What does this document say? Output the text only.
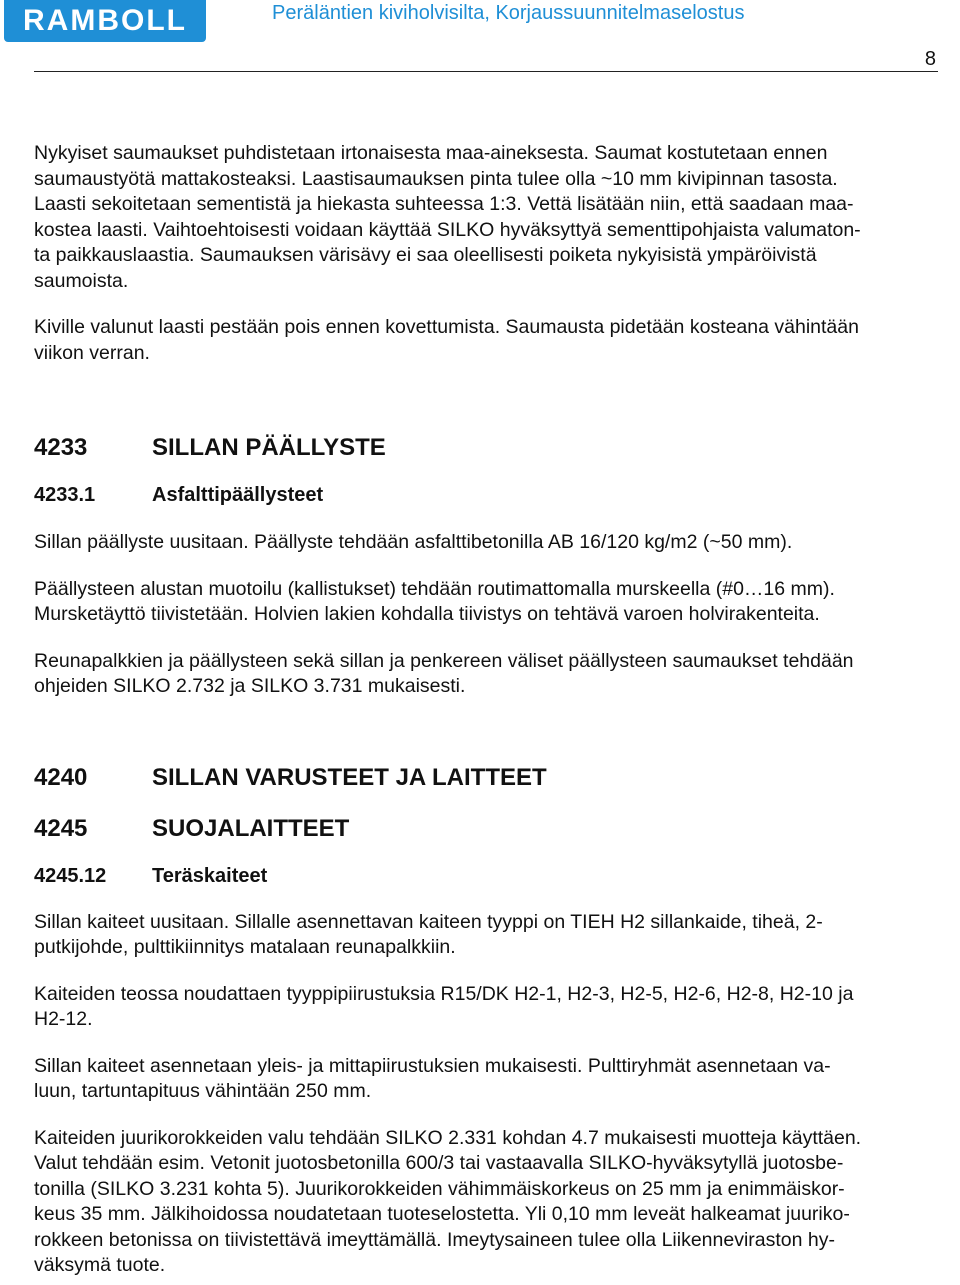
RAMBOLL	Peräläntien kiviholvisilta, Korjaussuunnitelmaselostus
8

Nykyiset saumaukset puhdistetaan irtonaisesta maa-aineksesta. Saumat kostutetaan ennen
saumaustyötä mattakosteaksi. Laastisaumauksen pinta tulee olla ~10 mm kivipinnan tasosta.
Laasti sekoitetaan sementistä ja hiekasta suhteessa 1:3. Vettä lisätään niin, että saadaan maa-
kostea laasti. Vaihtoehtoisesti voidaan käyttää SILKO hyväksyttyä sementtipohjaista valumaton-
ta paikkauslaastia. Saumauksen värisävy ei saa oleellisesti poiketa nykyisistä ympäröivistä
saumoista.

Kiville valunut laasti pestään pois ennen kovettumista. Saumausta pidetään kosteana vähintään
viikon verran.

4233	SILLAN PÄÄLLYSTE
4233.1	Asfalttipäällysteet

Sillan päällyste uusitaan. Päällyste tehdään asfalttibetonilla AB 16/120 kg/m2 (~50 mm).

Päällysteen alustan muotoilu (kallistukset) tehdään routimattomalla murskeella (#0…16 mm).
Mursketäyttö tiivistetään. Holvien lakien kohdalla tiivistys on tehtävä varoen holvirakenteita.

Reunapalkkien ja päällysteen sekä sillan ja penkereen väliset päällysteen saumaukset tehdään
ohjeiden SILKO 2.732 ja SILKO 3.731 mukaisesti.

4240	SILLAN VARUSTEET JA LAITTEET
4245	SUOJALAITTEET
4245.12	Teräskaiteet

Sillan kaiteet uusitaan. Sillalle asennettavan kaiteen tyyppi on TIEH H2 sillankaide, tiheä, 2-
putkijohde, pulttikiinnitys matalaan reunapalkkiin.

Kaiteiden teossa noudattaen tyyppipiirustuksia R15/DK H2-1, H2-3, H2-5, H2-6, H2-8, H2-10 ja
H2-12.

Sillan kaiteet asennetaan yleis- ja mittapiirustuksien mukaisesti. Pulttiryhmät asennetaan va-
luun, tartuntapituus vähintään 250 mm.

Kaiteiden juurikorokkeiden valu tehdään SILKO 2.331 kohdan 4.7 mukaisesti muotteja käyttäen.
Valut tehdään esim. Vetonit juotosbetonilla 600/3 tai vastaavalla SILKO-hyväksytyllä juotosbe-
tonilla (SILKO 3.231 kohta 5). Juurikorokkeiden vähimmäiskorkeus on 25 mm ja enimmäiskor-
keus 35 mm. Jälkihoidossa noudatetaan tuoteselostetta. Yli 0,10 mm leveät halkeamat juuriko-
rokkeen betonissa on tiivistettävä imeyttämällä. Imeytysaineen tulee olla Liikenneviraston hy-
väksymä tuote.
